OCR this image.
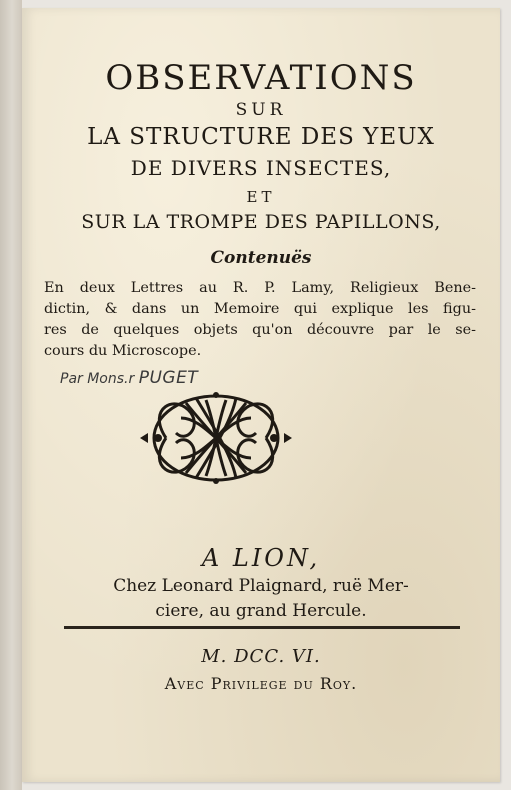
OBSERVATIONS
SUR
LA STRUCTURE DES YEUX
DE DIVERS INSECTES,
ET
SUR LA TROMPE DES PAPILLONS,
Contenuës
En deux Lettres au R. P. Lamy, Religieux Bene-
dictin, & dans un Memoire qui explique les figu-
res de quelques objets qu'on découvre par le se-
cours du Microscope.
Par Mons.r PUGET
A LION,
Chez Leonard Plaignard, ruë Mer-
ciere, au grand Hercule.
M. DCC. VI.
Avec Privilege du Roy.
